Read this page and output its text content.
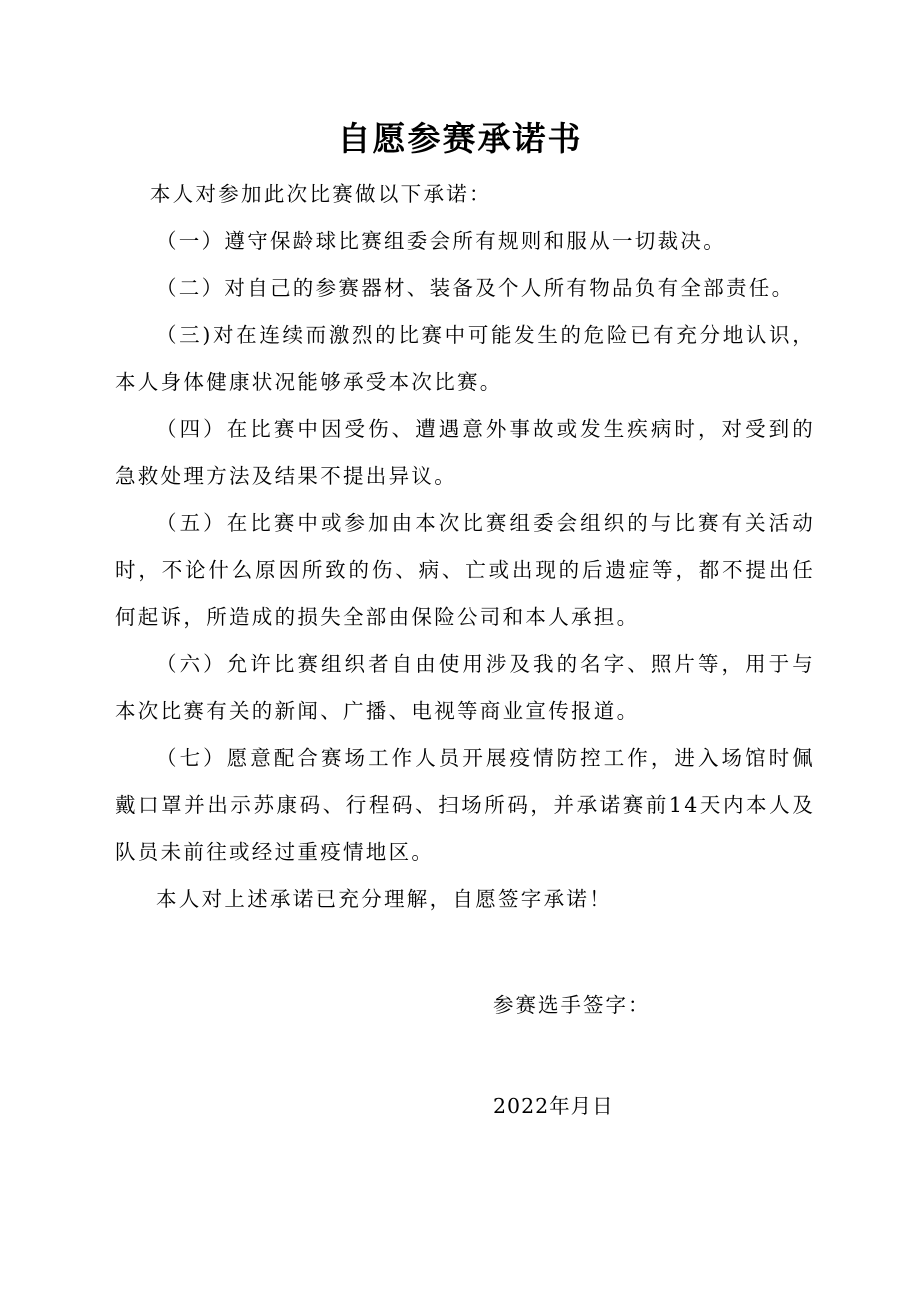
自愿参赛承诺书

本人对参加此次比赛做以下承诺：

（一）遵守保龄球比赛组委会所有规则和服从一切裁决。

（二）对自己的参赛器材、装备及个人所有物品负有全部责任。

（三)对在连续而激烈的比赛中可能发生的危险已有充分地认识，本人身体健康状况能够承受本次比赛。

（四）在比赛中因受伤、遭遇意外事故或发生疾病时，对受到的急救处理方法及结果不提出异议。

（五）在比赛中或参加由本次比赛组委会组织的与比赛有关活动时，不论什么原因所致的伤、病、亡或出现的后遗症等，都不提出任何起诉，所造成的损失全部由保险公司和本人承担。

（六）允许比赛组织者自由使用涉及我的名字、照片等，用于与本次比赛有关的新闻、广播、电视等商业宣传报道。

（七）愿意配合赛场工作人员开展疫情防控工作，进入场馆时佩戴口罩并出示苏康码、行程码、扫场所码，并承诺赛前14天内本人及队员未前往或经过重疫情地区。

本人对上述承诺已充分理解，自愿签字承诺！

参赛选手签字：

2022年月日
